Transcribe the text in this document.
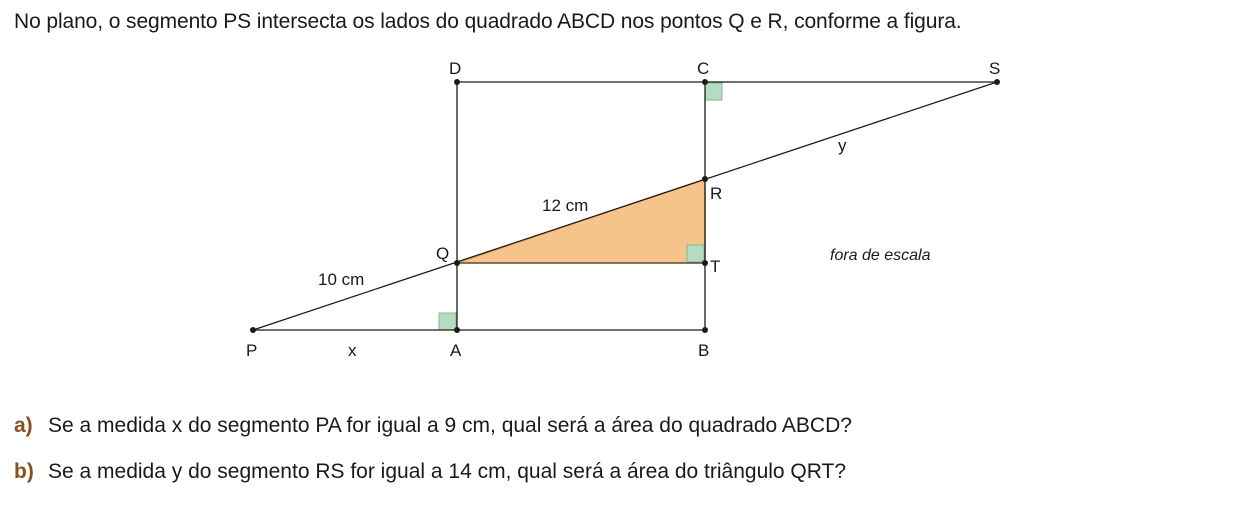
No plano, o segmento PS intersecta os lados do quadrado ABCD nos pontos Q e R, conforme a figura.
D	C	S
R
Q
T
P	A	B
12 cm
10 cm
x
y
fora de escala
a) Se a medida x do segmento PA for igual a 9 cm, qual será a área do quadrado ABCD?
b) Se a medida y do segmento RS for igual a 14 cm, qual será a área do triângulo QRT?
